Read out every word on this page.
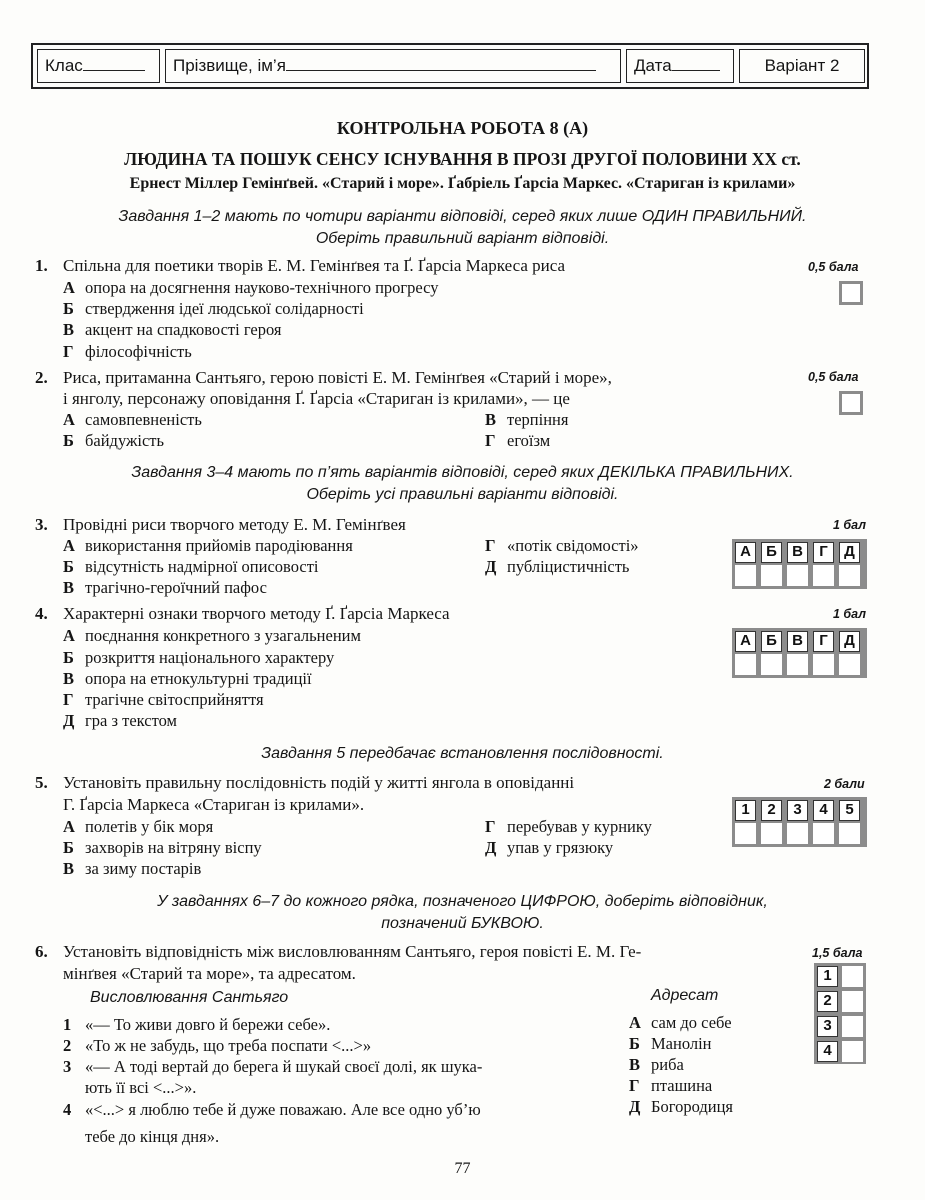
Клас	Прізвище, ім’я	Дата	Варіант 2
КОНТРОЛЬНА РОБОТА 8 (А)
ЛЮДИНА ТА ПОШУК СЕНСУ ІСНУВАННЯ В ПРОЗІ ДРУГОЇ ПОЛОВИНИ XX ст.
Ернест Міллер Гемінґвей. «Старий і море». Ґабріель Ґарсіа Маркес. «Стариган із крилами»
Завдання 1–2 мають по чотири варіанти відповіді, серед яких лише ОДИН ПРАВИЛЬНИЙ.
Оберіть правильний варіант відповіді.
1. Спільна для поетики творів Е. М. Гемінґвея та Ґ. Ґарсіа Маркеса риса	0,5 бала
А опора на досягнення науково-технічного прогресу
Б ствердження ідеї людської солідарності
В акцент на спадковості героя
Г філософічність
2. Риса, притаманна Сантьяго, герою повісті Е. М. Гемінґвея «Старий і море»,
і янголу, персонажу оповідання Ґ. Ґарсіа «Стариган із крилами», — це
0,5 бала
А самовпевненість
Б байдужість
В терпіння
Г егоїзм
Завдання 3–4 мають по п’ять варіантів відповіді, серед яких ДЕКІЛЬКА ПРАВИЛЬНИХ.
Оберіть усі правильні варіанти відповіді.
3. Провідні риси творчого методу Е. М. Гемінґвея	1 бал
А використання прийомів пародіювання
Б відсутність надмірної описовості
В трагічно-героїчний пафос
Г «потік свідомості»
Д публіцистичність
А	Б	В	Г	Д
4. Характерні ознаки творчого методу Ґ. Ґарсіа Маркеса	1 бал
А поєднання конкретного з узагальненим
Б розкриття національного характеру
В опора на етнокультурні традиції
Г трагічне світосприйняття
Д гра з текстом
А	Б	В	Г	Д
Завдання 5 передбачає встановлення послідовності.
5. Установіть правильну послідовність подій у житті янгола в оповіданні
Г. Ґарсіа Маркеса «Стариган із крилами».
2 бали
А полетів у бік моря
Б захворів на вітряну віспу
В за зиму постарів
Г перебував у курнику
Д упав у грязюку
1	2	3	4	5
У завданнях 6–7 до кожного рядка, позначеного ЦИФРОЮ, доберіть відповідник,
позначений БУКВОЮ.
6. Установіть відповідність між висловлюванням Сантьяго, героя повісті Е. М. Ге-
мінґвея «Старий та море», та адресатом.
1,5 бала
Висловлювання Сантьяго	Адресат
1 «— То живи довго й бережи себе».
2 «То ж не забудь, що треба поспати <...>»
3 «— А тоді вертай до берега й шукай своєї долі, як шука-
ють її всі <...>».
4 «<...> я люблю тебе й дуже поважаю. Але все одно уб’ю
тебе до кінця дня».
А сам до себе
Б Манолін
В риба
Г пташина
Д Богородиця
1
2
3
4
77
